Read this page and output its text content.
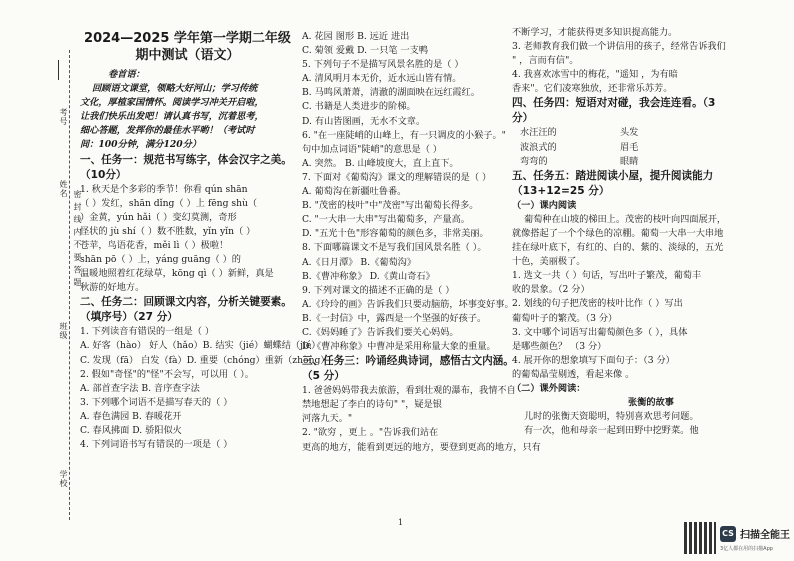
考号
姓名
班级
学校
密 封 线 内 不 要 答 题
2024—2025 学年第一学期二年级
期中测试（语文）
卷首语：
回顾语文课堂，领略大好河山；学习传统
文化，厚植家国情怀。阅读学习冲关开启啦，
让我们快乐出发吧！请认真书写，沉着思考，
细心答题，发挥你的最佳水平哟！（考试时
间：100分钟，满分120分）
一、任务一：规范书写练字，体会汉字之美。
（10分）
1. 秋天是个多彩的季节！你看 qún shān
（ ）发红，shān dǐng（ ）上 fēng shù（
）金黄，yún hǎi（ ）变幻莫测，奇形
怪状的 jù shí（ ）数不胜数，yǐn yǐn（ ）
苍苹，鸟语花香，měi lì（ ）极啦！
shān pō（ ）上，yáng guāng（ ）的
温暖地照着红花绿草，kōng qì（ ）新鲜，真是
秋游的好地方。
二、任务二：回顾课文内容，分析关键要素。
（填序号）（27 分）
1. 下列读音有错误的一组是（ ）
A. 好客（hào） 好人（hǎo）B. 结实（jié）蝴蝶结（jié）
C. 发现（fā） 白发（fà）D. 重要（chóng）重新（zhòng）
2. 假如"奇怪"的"怪"不会写，可以用（ ）。
A. 部首查字法 B. 音序查字法
3. 下列哪个词语不是描写春天的（ ）
A. 春色满园 B. 春暖花开
C. 春风拂面 D. 骄阳似火
4. 下列词语书写有错误的一项是（ ）
A. 花园 图形 B. 远近 进出
C. 菊领 爱戴 D. 一只笔 一支鸭
5. 下列句子不是描写风景名胜的是（ ）
A. 清风明月本无价，近水远山皆有情。
B. 马鸣风萧萧，清澈的湖面映在远红霞红。
C. 书籍是人类进步的阶梯。
D. 有山皆图画，无水不文章。
6. "在一座陡峭的山峰上，有一只调皮的小猴子。"
句中加点词语"陡峭"的意思是（ ）
A. 突然。 B. 山峰坡度大，直上直下。
7. 下面对《葡萄沟》课文的理解错误的是（ ）
A. 葡萄沟在新疆吐鲁番。
B. "茂密的枝叶"中"茂密"写出葡萄长得多。
C. "一大串一大串"写出葡萄多，产量高。
D. "五光十色"形容葡萄的颜色多，非常美丽。
8. 下面哪篇课文不是写我们国风景名胜（ ）。
A.《日月潭》 B.《葡萄沟》
B.《曹冲称象》 D.《黄山奇石》
9. 下列对课文的描述不正确的是（ ）
A.《玲玲的画》告诉我们只要动脑筋，坏事变好事。
B.《一封信》中，露西是一个坚强的好孩子。
C.《妈妈睡了》告诉我们要关心妈妈。
D.《曹冲称象》中曹冲是采用称量大象的重量。
三、任务三：吟诵经典诗词，感悟古文内涵。
（5 分）
1. 爸爸妈妈带我去旅游，看到壮观的瀑布，我情不自
禁地想起了李白的诗句" "，疑是银
河落九天。"
2. "欲穷 ，更上 。"告诉我们站在
更高的地方，能看到更远的地方，要登到更高的地方，只有
1
不断学习，才能获得更多知识提高能力。
3. 老师教育我们做一个讲信用的孩子，经常告诉我们
" ，言而有信"。
4. 我喜欢冰雪中的梅花，"遥知 ，为有暗
香来"。它们凌寒独放，还非常乐苏芳。
四、任务四：短语对对碰，我会连连看。（3
分）
水汪汪的	头发
波浪式的	眉毛
弯弯的	眼睛
五、任务五：踏进阅读小屋，提升阅读能力
（13+12=25 分）
（一）课内阅读
葡萄种在山坡的梯田上。茂密的枝叶向四面展开，
就像搭起了一个个绿色的凉棚。葡萄一大串一大串地
挂在绿叶底下，有红的、白的、紫的、淡绿的，五光
十色，美丽极了。
1. 选文一共（ ）句话，写出叶子繁茂，葡萄丰
收的景象。（2 分）
2. 划线的句子把茂密的枝叶比作（ ）写出
葡萄叶子的繁茂。（3 分）
3. 文中哪个词语写出葡萄颜色多（ ），具体
是哪些颜色？ （3 分）
4. 展开你的想象填写下面句子：（3 分）
的葡萄晶莹剔透，看起来像 。
（二）课外阅读：
张衡的故事
儿时的张衡天资聪明，特别喜欢思考问题。
有一次，他和母亲一起到田野中挖野菜。他
CS 扫描全能王
3亿人都在用的扫描App
